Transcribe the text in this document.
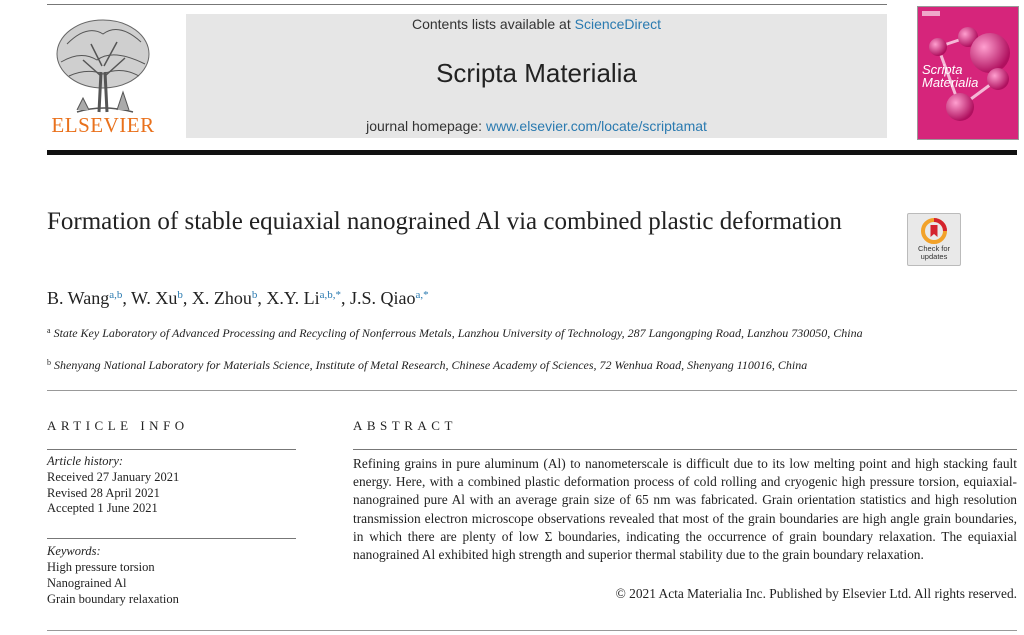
ELSEVIER
Contents lists available at ScienceDirect
Scripta Materialia
journal homepage: www.elsevier.com/locate/scriptamat
Scripta Materialia
Formation of stable equiaxial nanograined Al via combined plastic deformation
Check for
updates
B. Wang$^{a,b}$, W. Xu$^b$, X. Zhou$^b$, X.Y. $Li^{a,b,*}$, J.S. Qiao$^{a,*}$
$^a$ State Key Laboratory of Advanced Processing and Recycling of Nonferrous Metals, Lanzhou University of Technology, 287 Langongping Road, Lanzhou 730050, China
$^b$ Shenyang National Laboratory for Materials Science, Institute of Metal Research, Chinese Academy of Sciences, 72 Wenhua Road, Shenyang 110016, China
ARTICLE INFO
Article history:
Received 27 January 2021
Revised 28 April 2021
Accepted 1 June 2021
Keywords:
High pressure torsion
Nanograined Al
Grain boundary relaxation
ABSTRACT
Refining grains in pure aluminum (Al) to nanometerscale is difficult due to its low melting point and high stacking fault energy. Here, with a combined plastic deformation process of cold rolling and cryogenic high pressure torsion, equiaxial-nanograined pure Al with an average grain size of 65 nm was fabricated. Grain orientation statistics and high resolution transmission electron microscope observations revealed that most of the grain boundaries are high angle grain boundaries, in which there are plenty of low Σ boundaries, indicating the occurrence of grain boundary relaxation. The equiaxial nanograined Al exhibited high strength and superior thermal stability due to the grain boundary relaxation.
© 2021 Acta Materialia Inc. Published by Elsevier Ltd. All rights reserved.
